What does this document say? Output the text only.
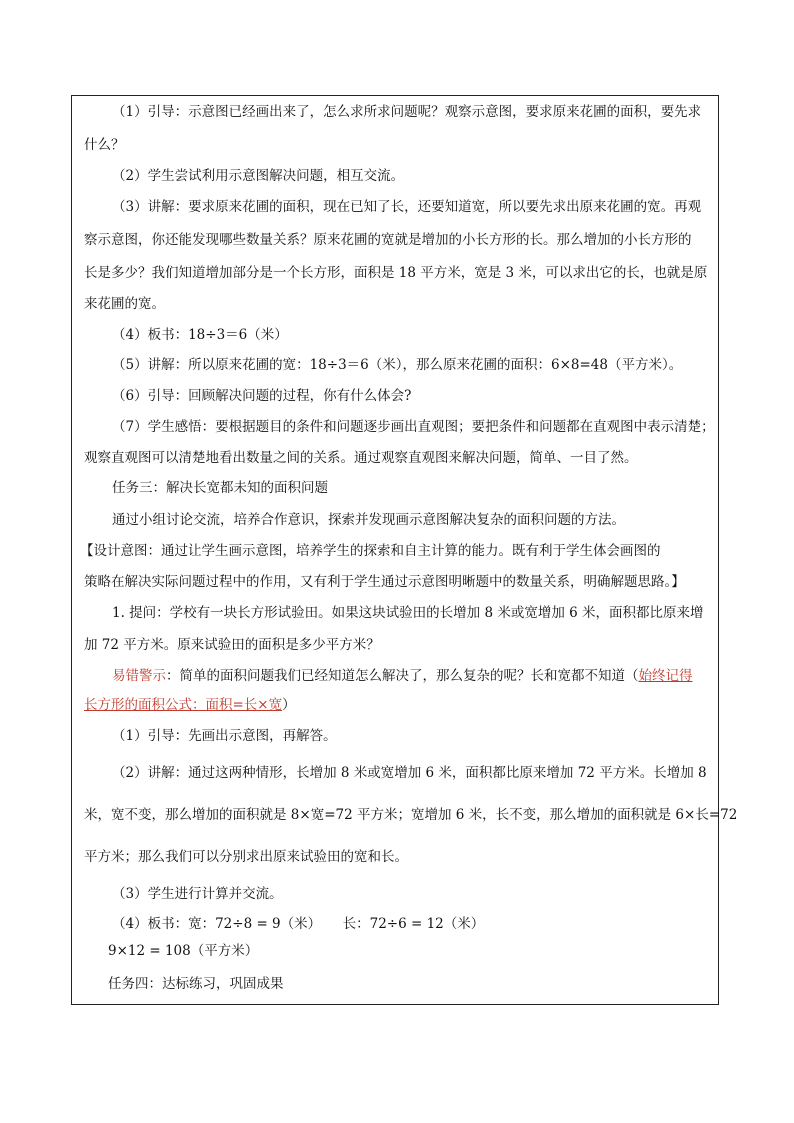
（1）引导：示意图已经画出来了，怎么求所求问题呢？观察示意图，要求原来花圃的面积，要先求
什么？
（2）学生尝试利用示意图解决问题，相互交流。
（3）讲解：要求原来花圃的面积，现在已知了长，还要知道宽，所以要先求出原来花圃的宽。再观
察示意图，你还能发现哪些数量关系？原来花圃的宽就是增加的小长方形的长。那么增加的小长方形的
长是多少？我们知道增加部分是一个长方形，面积是 18 平方米，宽是 3 米，可以求出它的长，也就是原
来花圃的宽。
（4）板书：18÷3＝6（米）
（5）讲解：所以原来花圃的宽：18÷3＝6（米），那么原来花圃的面积：6×8=48（平方米）。
（6）引导：回顾解决问题的过程，你有什么体会?
（7）学生感悟：要根据题目的条件和问题逐步画出直观图；要把条件和问题都在直观图中表示清楚；
观察直观图可以清楚地看出数量之间的关系。通过观察直观图来解决问题，简单、一目了然。
任务三：解决长宽都未知的面积问题
通过小组讨论交流，培养合作意识，探索并发现画示意图解决复杂的面积问题的方法。
【设计意图：通过让学生画示意图，培养学生的探索和自主计算的能力。既有利于学生体会画图的
策略在解决实际问题过程中的作用，又有利于学生通过示意图明晰题中的数量关系，明确解题思路。】
1. 提问：学校有一块长方形试验田。如果这块试验田的长增加 8 米或宽增加 6 米，面积都比原来增
加 72 平方米。原来试验田的面积是多少平方米？
易错警示：简单的面积问题我们已经知道怎么解决了，那么复杂的呢？长和宽都不知道（始终记得
长方形的面积公式：面积=长×宽）
（1）引导：先画出示意图，再解答。
（2）讲解：通过这两种情形，长增加 8 米或宽增加 6 米，面积都比原来增加 72 平方米。长增加 8
米，宽不变，那么增加的面积就是 8×宽=72 平方米；宽增加 6 米，长不变，那么增加的面积就是 6×长=72
平方米；那么我们可以分别求出原来试验田的宽和长。
（3）学生进行计算并交流。
（4）板书：宽：72÷8 = 9（米）     长：72÷6 = 12（米）
9×12 = 108（平方米）
任务四：达标练习，巩固成果
